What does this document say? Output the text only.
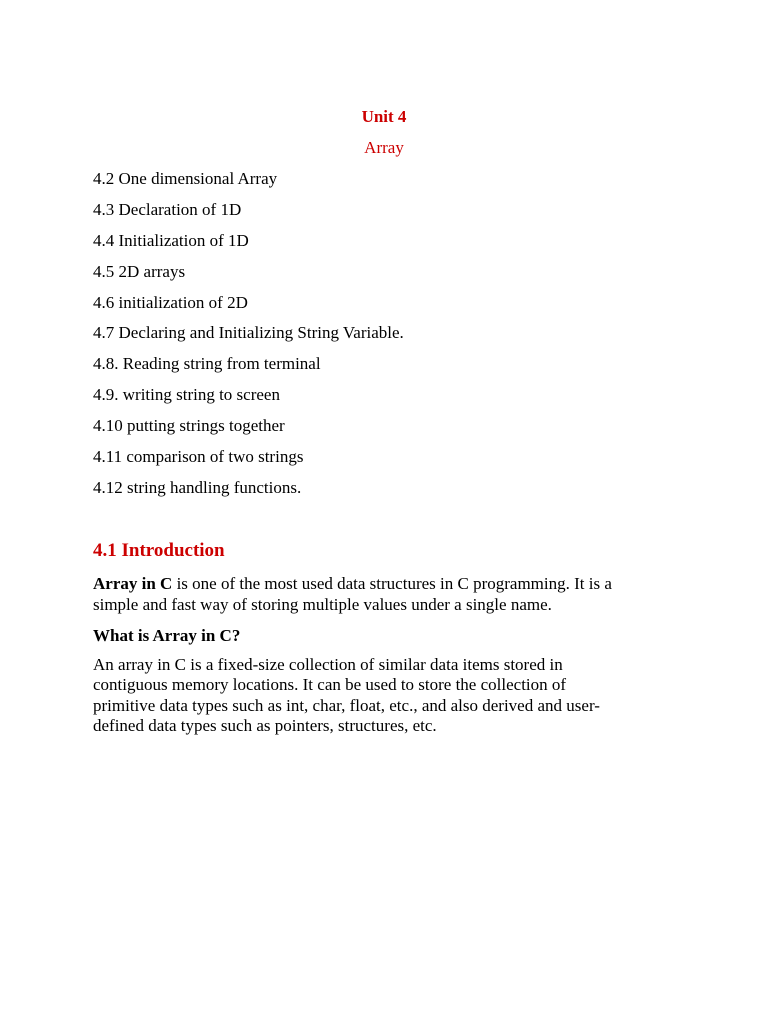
Unit 4
Array
4.2 One dimensional Array
4.3 Declaration of 1D
4.4 Initialization of 1D
4.5 2D arrays
4.6 initialization of 2D
4.7 Declaring and Initializing String Variable.
4.8. Reading string from terminal
4.9. writing string to screen
4.10 putting strings together
4.11 comparison of two strings
4.12 string handling functions.
4.1 Introduction

Array in C is one of the most used data structures in C programming. It is a
simple and fast way of storing multiple values under a single name.

What is Array in C?

An array in C is a fixed-size collection of similar data items stored in
contiguous memory locations. It can be used to store the collection of
primitive data types such as int, char, float, etc., and also derived and user-
defined data types such as pointers, structures, etc.
